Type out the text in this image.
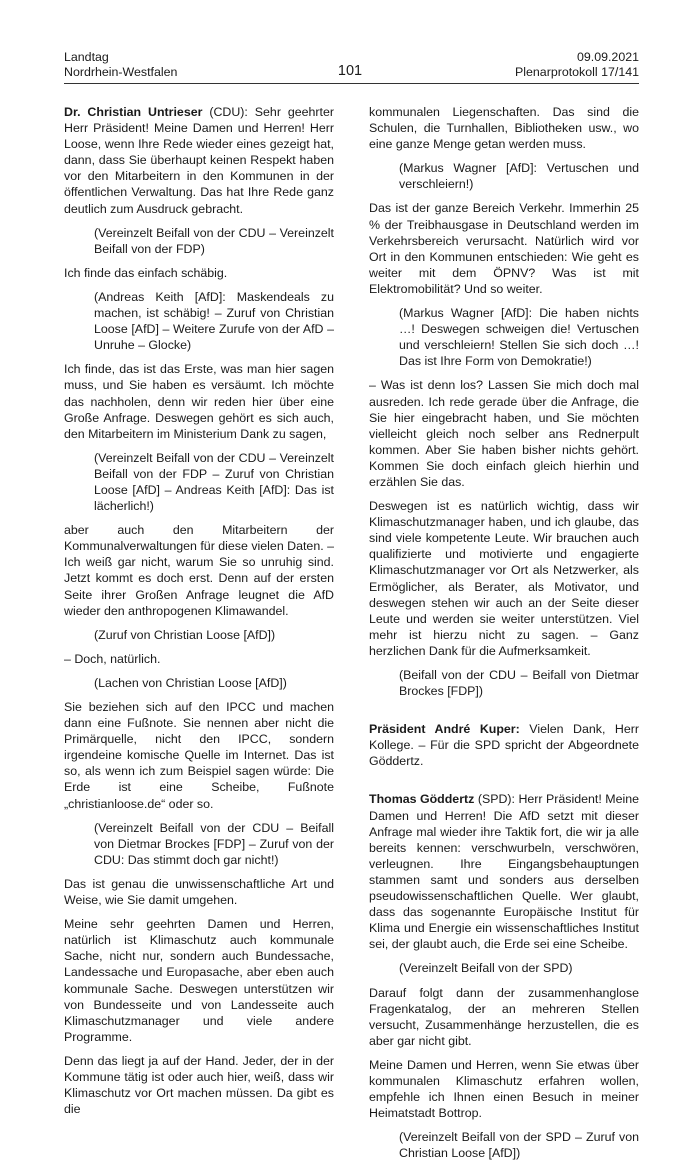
Landtag
Nordrhein-Westfalen	101
09.09.2021
Plenarprotokoll 17/141

Dr. Christian Untrieser (CDU): Sehr geehrter Herr Präsident! Meine Damen und Herren! Herr Loose, wenn Ihre Rede wieder eines gezeigt hat, dann, dass Sie überhaupt keinen Respekt haben vor den Mitarbeitern in den Kommunen in der öffentlichen Verwaltung. Das hat Ihre Rede ganz deutlich zum Ausdruck gebracht.

(Vereinzelt Beifall von der CDU – Vereinzelt Beifall von der FDP)

Ich finde das einfach schäbig.

(Andreas Keith [AfD]: Maskendeals zu machen, ist schäbig! – Zuruf von Christian Loose [AfD] – Weitere Zurufe von der AfD – Unruhe – Glocke)

Ich finde, das ist das Erste, was man hier sagen muss, und Sie haben es versäumt. Ich möchte das nachholen, denn wir reden hier über eine Große Anfrage. Deswegen gehört es sich auch, den Mitarbeitern im Ministerium Dank zu sagen,

(Vereinzelt Beifall von der CDU – Vereinzelt Beifall von der FDP – Zuruf von Christian Loose [AfD] – Andreas Keith [AfD]: Das ist lächerlich!)

aber auch den Mitarbeitern der Kommunalverwaltungen für diese vielen Daten. – Ich weiß gar nicht, warum Sie so unruhig sind. Jetzt kommt es doch erst. Denn auf der ersten Seite ihrer Großen Anfrage leugnet die AfD wieder den anthropogenen Klimawandel.

(Zuruf von Christian Loose [AfD])

– Doch, natürlich.

(Lachen von Christian Loose [AfD])

Sie beziehen sich auf den IPCC und machen dann eine Fußnote. Sie nennen aber nicht die Primärquelle, nicht den IPCC, sondern irgendeine komische Quelle im Internet. Das ist so, als wenn ich zum Beispiel sagen würde: Die Erde ist eine Scheibe, Fußnote „christianloose.de“ oder so.

(Vereinzelt Beifall von der CDU – Beifall von Dietmar Brockes [FDP] – Zuruf von der CDU: Das stimmt doch gar nicht!)

Das ist genau die unwissenschaftliche Art und Weise, wie Sie damit umgehen.

Meine sehr geehrten Damen und Herren, natürlich ist Klimaschutz auch kommunale Sache, nicht nur, sondern auch Bundessache, Landessache und Europasache, aber eben auch kommunale Sache. Deswegen unterstützen wir von Bundesseite und von Landesseite auch Klimaschutzmanager und viele andere Programme.

Denn das liegt ja auf der Hand. Jeder, der in der Kommune tätig ist oder auch hier, weiß, dass wir Klimaschutz vor Ort machen müssen. Da gibt es die

kommunalen Liegenschaften. Das sind die Schulen, die Turnhallen, Bibliotheken usw., wo eine ganze Menge getan werden muss.

(Markus Wagner [AfD]: Vertuschen und verschleiern!)

Das ist der ganze Bereich Verkehr. Immerhin 25 % der Treibhausgase in Deutschland werden im Verkehrsbereich verursacht. Natürlich wird vor Ort in den Kommunen entschieden: Wie geht es weiter mit dem ÖPNV? Was ist mit Elektromobilität? Und so weiter.

(Markus Wagner [AfD]: Die haben nichts …! Deswegen schweigen die! Vertuschen und verschleiern! Stellen Sie sich doch …! Das ist Ihre Form von Demokratie!)

– Was ist denn los? Lassen Sie mich doch mal ausreden. Ich rede gerade über die Anfrage, die Sie hier eingebracht haben, und Sie möchten vielleicht gleich noch selber ans Rednerpult kommen. Aber Sie haben bisher nichts gehört. Kommen Sie doch einfach gleich hierhin und erzählen Sie das.

Deswegen ist es natürlich wichtig, dass wir Klimaschutzmanager haben, und ich glaube, das sind viele kompetente Leute. Wir brauchen auch qualifizierte und motivierte und engagierte Klimaschutzmanager vor Ort als Netzwerker, als Ermöglicher, als Berater, als Motivator, und deswegen stehen wir auch an der Seite dieser Leute und werden sie weiter unterstützen. Viel mehr ist hierzu nicht zu sagen. – Ganz herzlichen Dank für die Aufmerksamkeit.

(Beifall von der CDU – Beifall von Dietmar Brockes [FDP])

Präsident André Kuper: Vielen Dank, Herr Kollege. – Für die SPD spricht der Abgeordnete Göddertz.

Thomas Göddertz (SPD): Herr Präsident! Meine Damen und Herren! Die AfD setzt mit dieser Anfrage mal wieder ihre Taktik fort, die wir ja alle bereits kennen: verschwurbeln, verschwören, verleugnen. Ihre Eingangsbehauptungen stammen samt und sonders aus derselben pseudowissenschaftlichen Quelle. Wer glaubt, dass das sogenannte Europäische Institut für Klima und Energie ein wissenschaftliches Institut sei, der glaubt auch, die Erde sei eine Scheibe.

(Vereinzelt Beifall von der SPD)

Darauf folgt dann der zusammenhanglose Fragenkatalog, der an mehreren Stellen versucht, Zusammenhänge herzustellen, die es aber gar nicht gibt.

Meine Damen und Herren, wenn Sie etwas über kommunalen Klimaschutz erfahren wollen, empfehle ich Ihnen einen Besuch in meiner Heimatstadt Bottrop.

(Vereinzelt Beifall von der SPD – Zuruf von Christian Loose [AfD])
